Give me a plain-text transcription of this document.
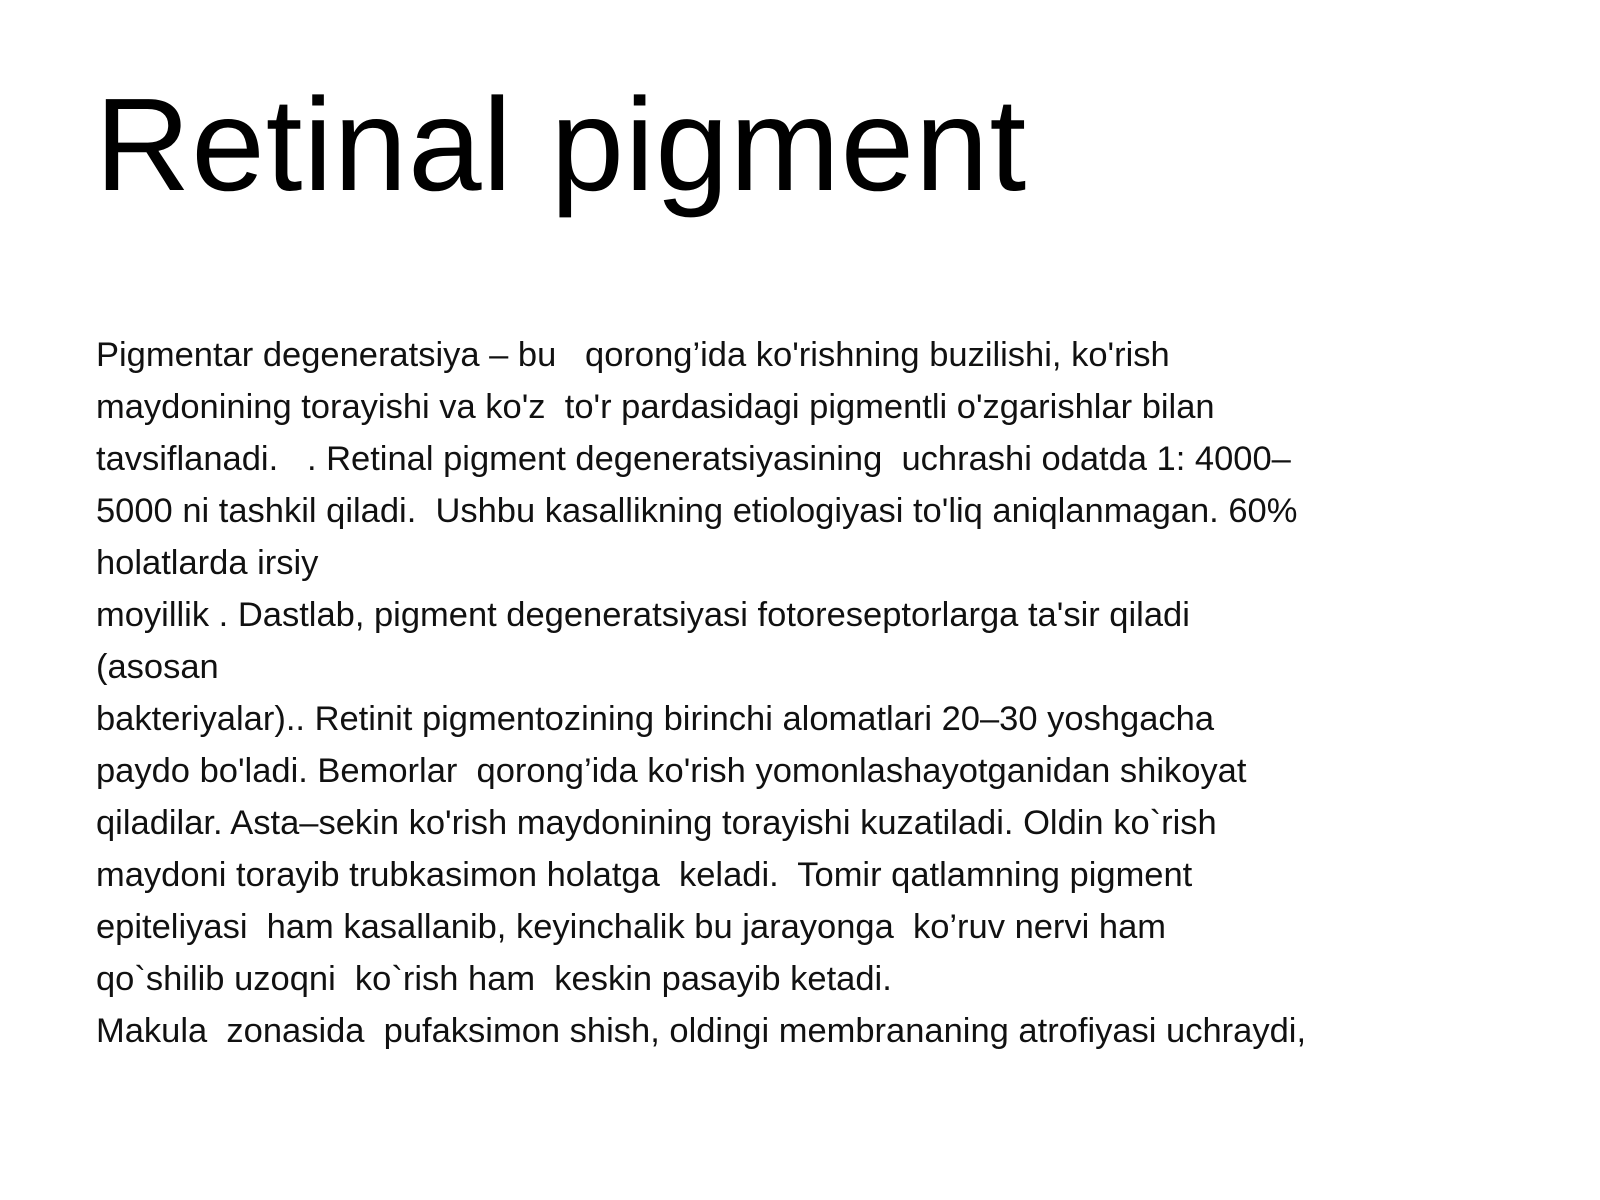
Retinal pigment
Pigmentar degeneratsiya – bu   qorong’ida ko'rishning buzilishi, ko'rish
maydonining torayishi va ko'z  to'r pardasidagi pigmentli o'zgarishlar bilan
tavsiflanadi.   . Retinal pigment degeneratsiyasining  uchrashi odatda 1: 4000–
5000 ni tashkil qiladi.  Ushbu kasallikning etiologiyasi to'liq aniqlanmagan. 60%
holatlarda irsiy
moyillik . Dastlab, pigment degeneratsiyasi fotoreseptorlarga ta'sir qiladi
(asosan
bakteriyalar).. Retinit pigmentozining birinchi alomatlari 20–30 yoshgacha
paydo bo'ladi. Bemorlar  qorong’ida ko'rish yomonlashayotganidan shikoyat
qiladilar. Asta–sekin ko'rish maydonining torayishi kuzatiladi. Oldin ko`rish
maydoni torayib trubkasimon holatga  keladi.  Tomir qatlamning pigment
epiteliyasi  ham kasallanib, keyinchalik bu jarayonga  ko’ruv nervi ham
qo`shilib uzoqni  ko`rish ham  keskin pasayib ketadi.
Makula  zonasida  pufaksimon shish, oldingi membrananing atrofiyasi uchraydi,
